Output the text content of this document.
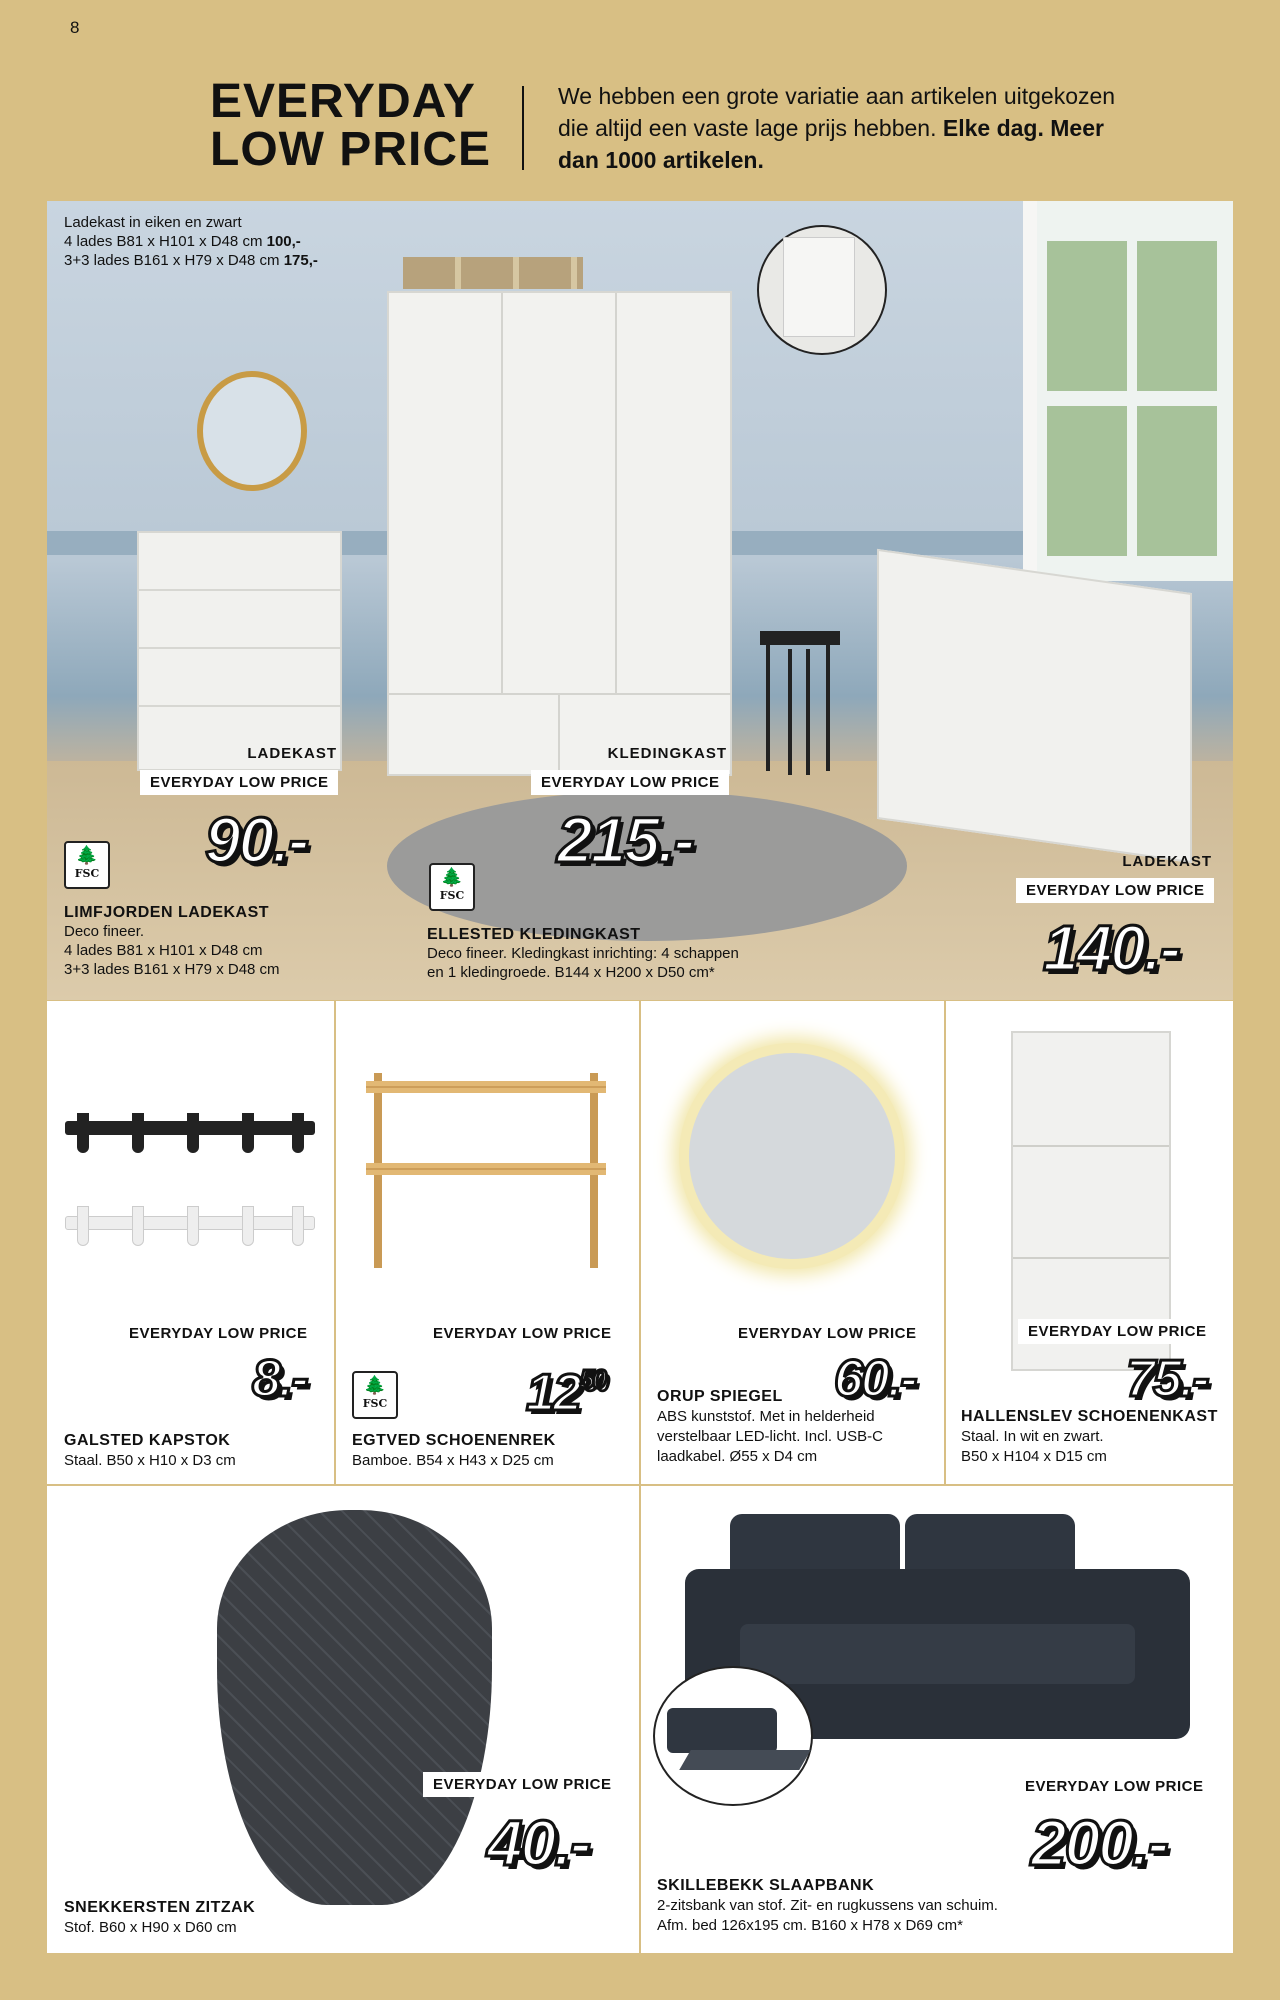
8
EVERYDAY
LOW PRICE
We hebben een grote variatie aan artikelen uitgekozen die altijd een vaste lage prijs hebben. Elke dag. Meer dan 1000 artikelen.
Ladekast in eiken en zwart
4 lades B81 x H101 x D48 cm 100,-
3+3 lades B161 x H79 x D48 cm 175,-
LADEKAST
EVERYDAY LOW PRICE
90.-
KLEDINGKAST
EVERYDAY LOW PRICE
215.-	LADEKAST
EVERYDAY LOW PRICE
140.-
🌲
FSC	🌲
FSC
LIMFJORDEN LADEKAST
Deco fineer.
4 lades B81 x H101 x D48 cm
3+3 lades B161 x H79 x D48 cm
ELLESTED KLEDINGKAST
Deco fineer. Kledingkast inrichting: 4 schappen
en 1 kledingroede. B144 x H200 x D50 cm*
EVERYDAY LOW PRICE
8.-
GALSTED KAPSTOK
Staal. B50 x H10 x D3 cm
EVERYDAY LOW PRICE
$12^{50}$
🌲
FSC
EGTVED SCHOENENREK
Bamboe. B54 x H43 x D25 cm
EVERYDAY LOW PRICE
60.-
ORUP SPIEGEL
ABS kunststof. Met in helderheid
verstelbaar LED-licht. Incl. USB-C
laadkabel. Ø55 x D4 cm
EVERYDAY LOW PRICE
75.-
HALLENSLEV SCHOENENKAST
Staal. In wit en zwart.
B50 x H104 x D15 cm
EVERYDAY LOW PRICE
40.-
SNEKKERSTEN ZITZAK
Stof. B60 x H90 x D60 cm
EVERYDAY LOW PRICE
200.-
SKILLEBEKK SLAAPBANK
2-zitsbank van stof. Zit- en rugkussens van schuim.
Afm. bed 126x195 cm. B160 x H78 x D69 cm*
